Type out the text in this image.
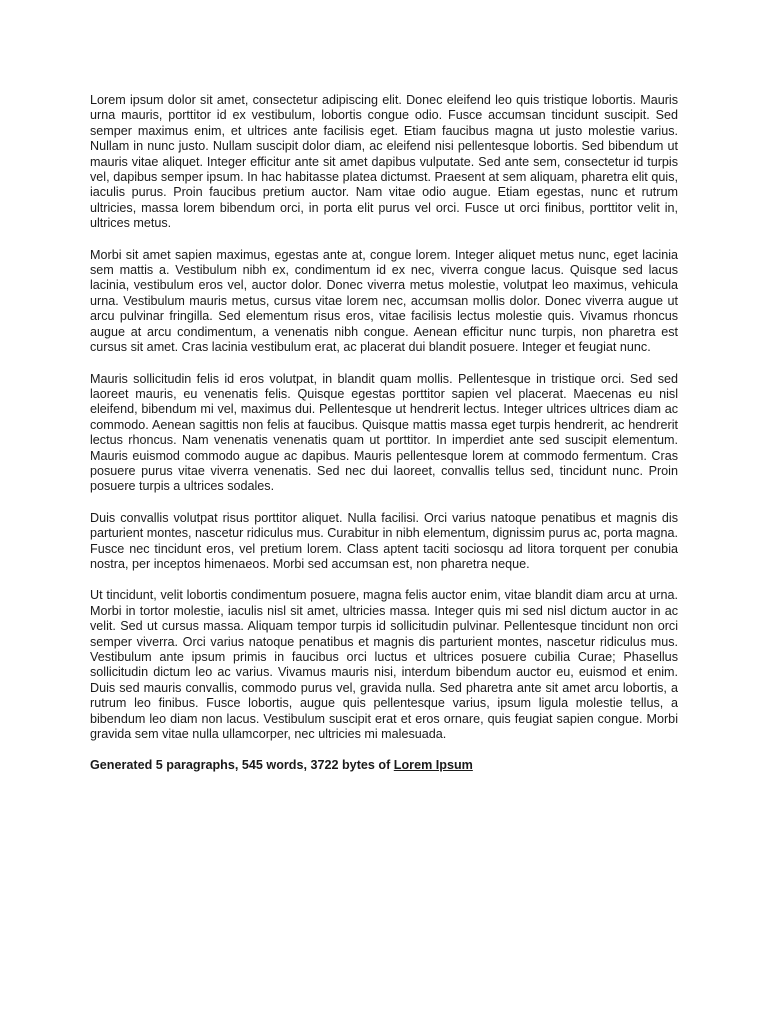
Lorem ipsum dolor sit amet, consectetur adipiscing elit. Donec eleifend leo quis tristique lobortis. Mauris urna mauris, porttitor id ex vestibulum, lobortis congue odio. Fusce accumsan tincidunt suscipit. Sed semper maximus enim, et ultrices ante facilisis eget. Etiam faucibus magna ut justo molestie varius. Nullam in nunc justo. Nullam suscipit dolor diam, ac eleifend nisi pellentesque lobortis. Sed bibendum ut mauris vitae aliquet. Integer efficitur ante sit amet dapibus vulputate. Sed ante sem, consectetur id turpis vel, dapibus semper ipsum. In hac habitasse platea dictumst. Praesent at sem aliquam, pharetra elit quis, iaculis purus. Proin faucibus pretium auctor. Nam vitae odio augue. Etiam egestas, nunc et rutrum ultricies, massa lorem bibendum orci, in porta elit purus vel orci. Fusce ut orci finibus, porttitor velit in, ultrices metus.

Morbi sit amet sapien maximus, egestas ante at, congue lorem. Integer aliquet metus nunc, eget lacinia sem mattis a. Vestibulum nibh ex, condimentum id ex nec, viverra congue lacus. Quisque sed lacus lacinia, vestibulum eros vel, auctor dolor. Donec viverra metus molestie, volutpat leo maximus, vehicula urna. Vestibulum mauris metus, cursus vitae lorem nec, accumsan mollis dolor. Donec viverra augue ut arcu pulvinar fringilla. Sed elementum risus eros, vitae facilisis lectus molestie quis. Vivamus rhoncus augue at arcu condimentum, a venenatis nibh congue. Aenean efficitur nunc turpis, non pharetra est cursus sit amet. Cras lacinia vestibulum erat, ac placerat dui blandit posuere. Integer et feugiat nunc.

Mauris sollicitudin felis id eros volutpat, in blandit quam mollis. Pellentesque in tristique orci. Sed sed laoreet mauris, eu venenatis felis. Quisque egestas porttitor sapien vel placerat. Maecenas eu nisl eleifend, bibendum mi vel, maximus dui. Pellentesque ut hendrerit lectus. Integer ultrices ultrices diam ac commodo. Aenean sagittis non felis at faucibus. Quisque mattis massa eget turpis hendrerit, ac hendrerit lectus rhoncus. Nam venenatis venenatis quam ut porttitor. In imperdiet ante sed suscipit elementum. Mauris euismod commodo augue ac dapibus. Mauris pellentesque lorem at commodo fermentum. Cras posuere purus vitae viverra venenatis. Sed nec dui laoreet, convallis tellus sed, tincidunt nunc. Proin posuere turpis a ultrices sodales.

Duis convallis volutpat risus porttitor aliquet. Nulla facilisi. Orci varius natoque penatibus et magnis dis parturient montes, nascetur ridiculus mus. Curabitur in nibh elementum, dignissim purus ac, porta magna. Fusce nec tincidunt eros, vel pretium lorem. Class aptent taciti sociosqu ad litora torquent per conubia nostra, per inceptos himenaeos. Morbi sed accumsan est, non pharetra neque.

Ut tincidunt, velit lobortis condimentum posuere, magna felis auctor enim, vitae blandit diam arcu at urna. Morbi in tortor molestie, iaculis nisl sit amet, ultricies massa. Integer quis mi sed nisl dictum auctor in ac velit. Sed ut cursus massa. Aliquam tempor turpis id sollicitudin pulvinar. Pellentesque tincidunt non orci semper viverra. Orci varius natoque penatibus et magnis dis parturient montes, nascetur ridiculus mus. Vestibulum ante ipsum primis in faucibus orci luctus et ultrices posuere cubilia Curae; Phasellus sollicitudin dictum leo ac varius. Vivamus mauris nisi, interdum bibendum auctor eu, euismod et enim. Duis sed mauris convallis, commodo purus vel, gravida nulla. Sed pharetra ante sit amet arcu lobortis, a rutrum leo finibus. Fusce lobortis, augue quis pellentesque varius, ipsum ligula molestie tellus, a bibendum leo diam non lacus. Vestibulum suscipit erat et eros ornare, quis feugiat sapien congue. Morbi gravida sem vitae nulla ullamcorper, nec ultricies mi malesuada.

Generated 5 paragraphs, 545 words, 3722 bytes of Lorem Ipsum
